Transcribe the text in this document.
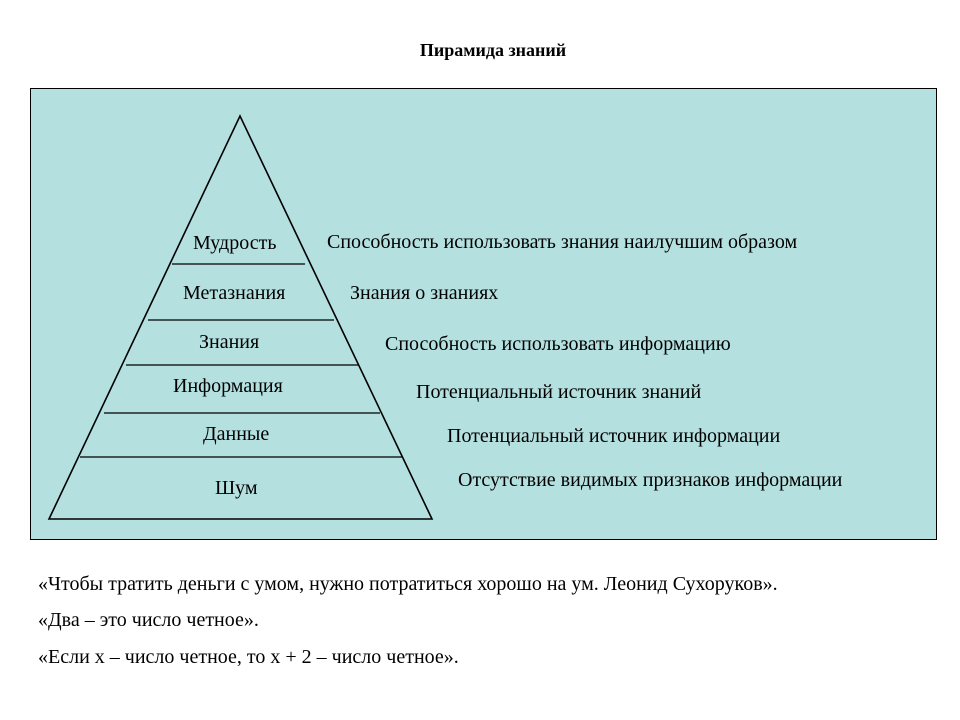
Пирамида знаний
Мудрость
Метазнания
Знания
Информация
Данные
Шум
Способность использовать знания наилучшим образом
Знания о знаниях
Способность использовать информацию
Потенциальный источник знаний
Потенциальный источник информации
Отсутствие видимых признаков информации
«Чтобы тратить деньги с умом, нужно потратиться хорошо на ум. Леонид Сухоруков».
«Два – это число четное».
«Если x – число четное, то x + 2 – число четное».
